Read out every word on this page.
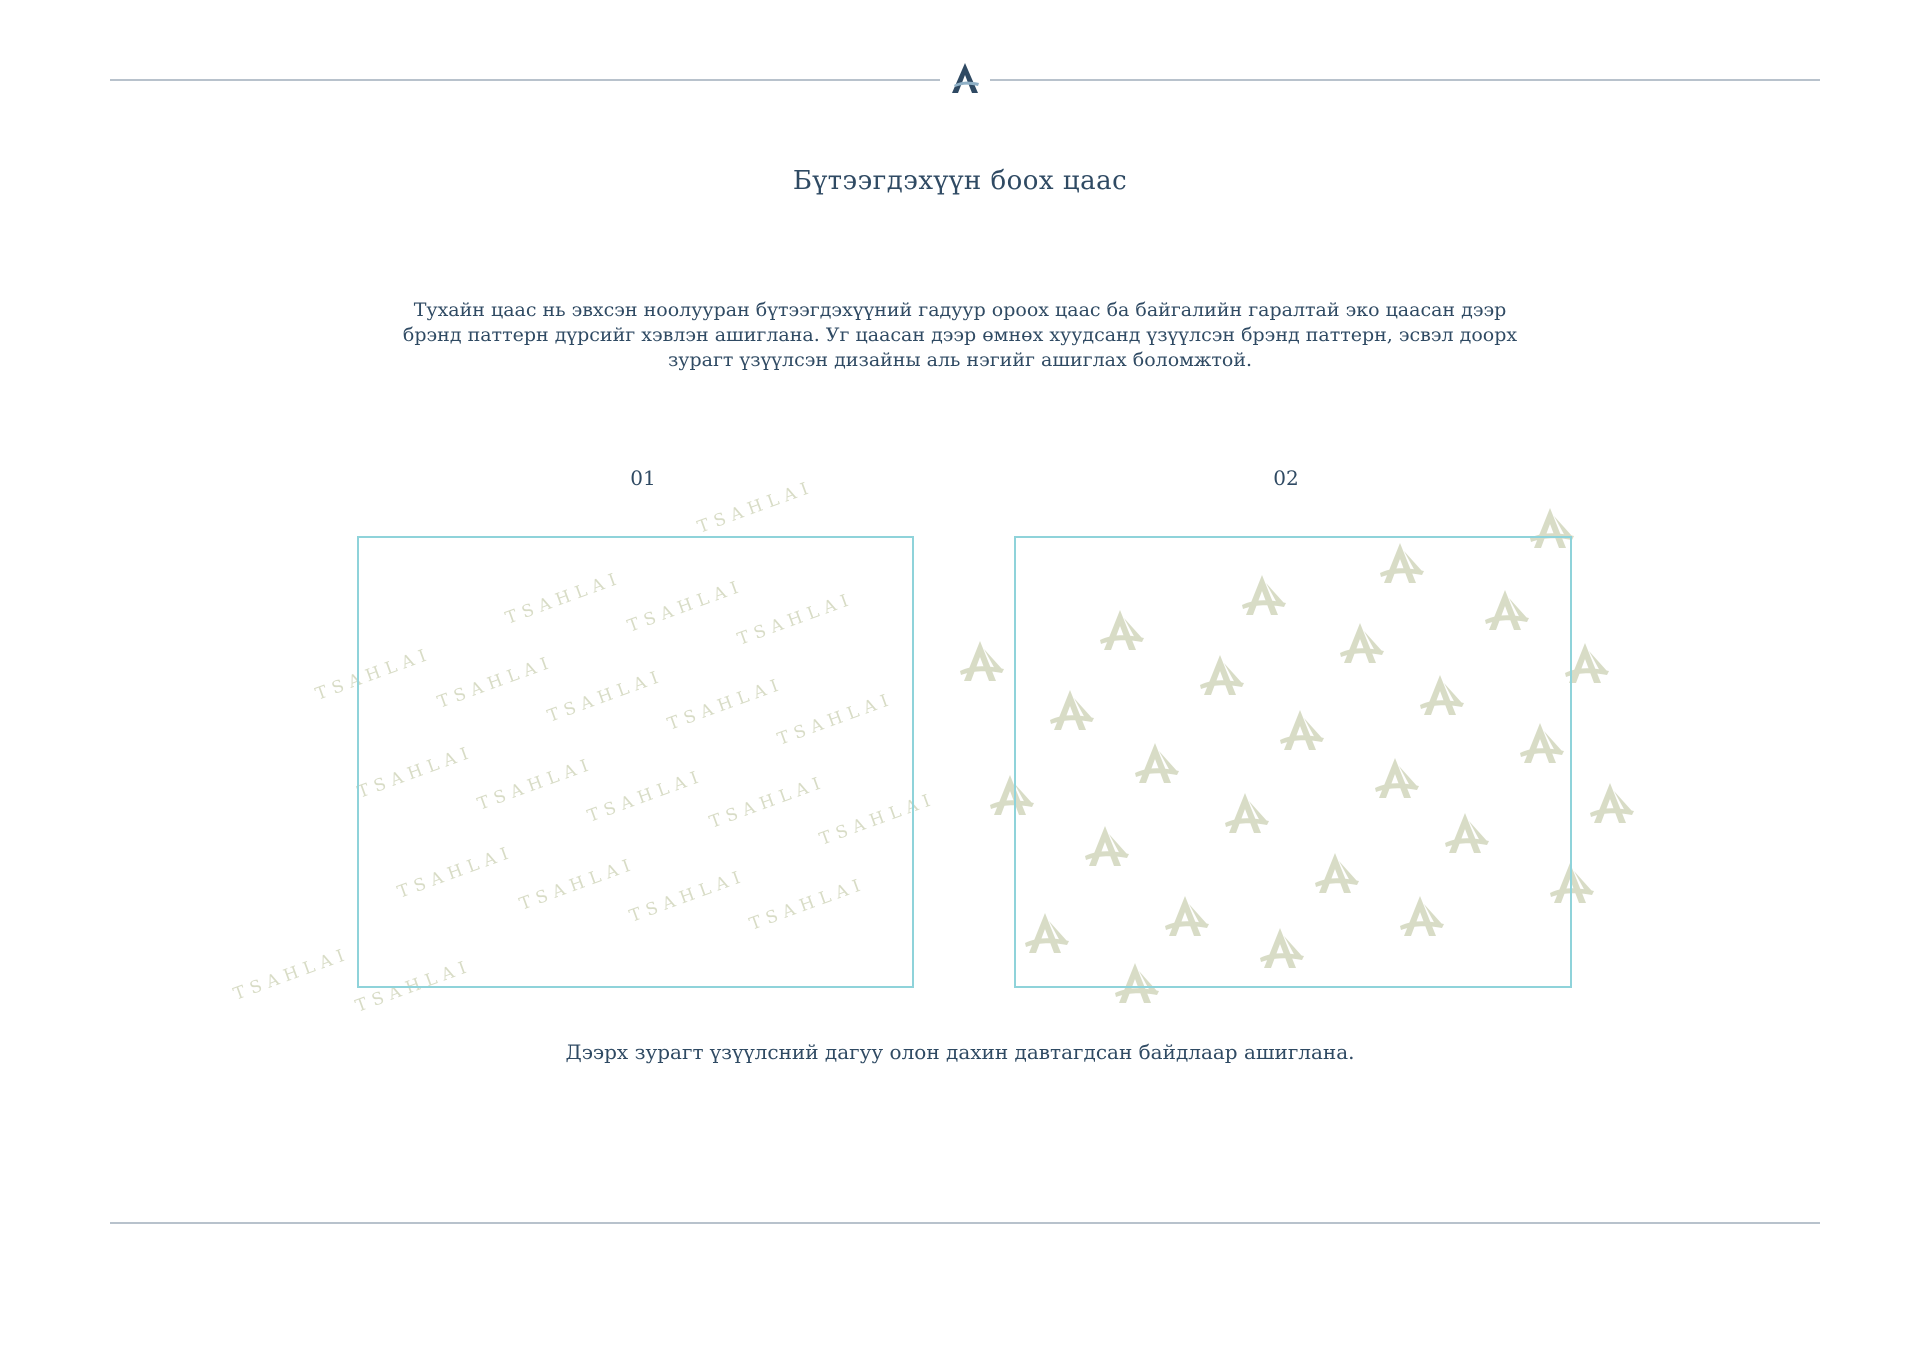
Бүтээгдэхүүн боох цаас
Тухайн цаас нь эвхсэн ноолууран бүтээгдэхүүний гадуур ороох цаас ба байгалийн гаралтай эко цаасан дээр брэнд паттерн дүрсийг хэвлэн ашиглана. Уг цаасан дээр өмнөх хуудсанд үзүүлсэн брэнд паттерн, эсвэл доорх зурагт үзүүлсэн дизайны аль нэгийг ашиглах боломжтой.
01	02
TSAHLAI
TSAHLAI TSAHLAI
TSAHLAI
TSAHLAI TSAHLAI
TSAHLAI
TSAHLAI
TSAHLAI
TSAHLAI
TSAHLAI
TSAHLAI TSAHLAI
TSAHLAI
TSAHLAI TSAHLAI
TSAHLAI
TSAHLAI
TSAHLAI TSAHLAI
Дээрх зурагт үзүүлсний дагуу олон дахин давтагдсан байдлаар ашиглана.
